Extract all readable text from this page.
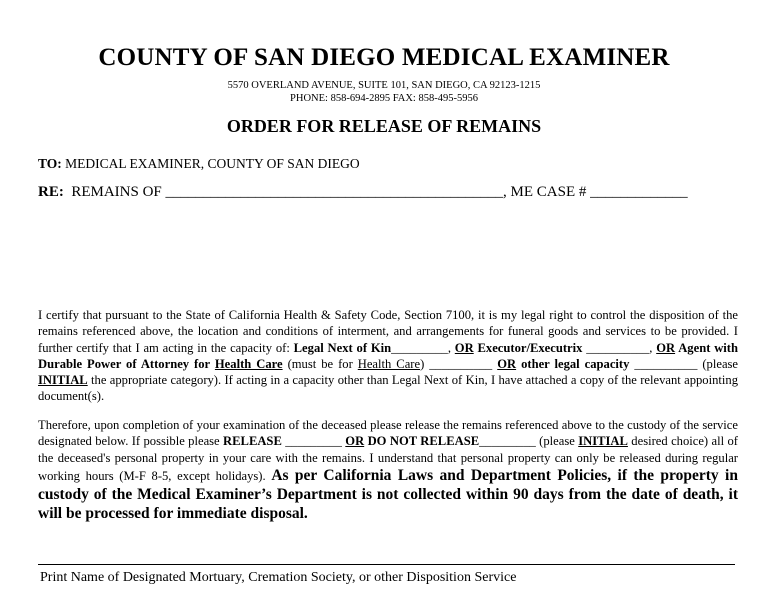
COUNTY OF SAN DIEGO MEDICAL EXAMINER
5570 OVERLAND AVENUE, SUITE 101, SAN DIEGO, CA 92123-1215
PHONE: 858-694-2895 FAX: 858-495-5956
ORDER FOR RELEASE OF REMAINS
TO: MEDICAL EXAMINER, COUNTY OF SAN DIEGO
RE: REMAINS OF _____________________________________________, ME CASE # _____________
I certify that pursuant to the State of California Health & Safety Code, Section 7100, it is my legal right to control the disposition of the remains referenced above, the location and conditions of interment, and arrangements for funeral goods and services to be provided. I further certify that I am acting in the capacity of: Legal Next of Kin_________, OR Executor/Executrix __________, OR Agent with Durable Power of Attorney for Health Care (must be for Health Care) __________ OR other legal capacity __________ (please INITIAL the appropriate category). If acting in a capacity other than Legal Next of Kin, I have attached a copy of the relevant appointing document(s).
Therefore, upon completion of your examination of the deceased please release the remains referenced above to the custody of the service designated below. If possible please RELEASE _________ OR DO NOT RELEASE_________ (please INITIAL desired choice) all of the deceased's personal property in your care with the remains. I understand that personal property can only be released during regular working hours (M-F 8-5, except holidays). As per California Laws and Department Policies, if the property in custody of the Medical Examiner’s Department is not collected within 90 days from the date of death, it will be processed for immediate disposal.
Print Name of Designated Mortuary, Cremation Society, or other Disposition Service
